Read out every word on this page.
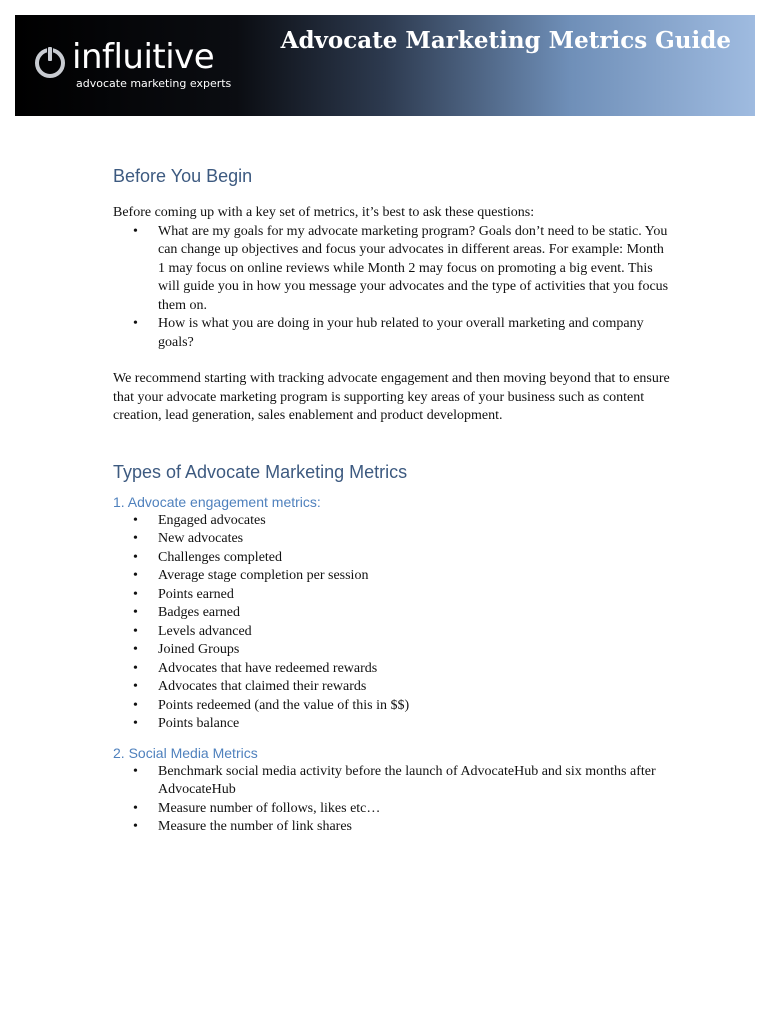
influitive
advocate marketing experts
Advocate Marketing Metrics Guide
Before You Begin

Before coming up with a key set of metrics, it’s best to ask these questions:

• What are my goals for my advocate marketing program? Goals don’t need to be static. You can change up objectives and focus your advocates in different areas. For example: Month 1 may focus on online reviews while Month 2 may focus on promoting a big event. This will guide you in how you message your advocates and the type of activities that you focus them on.
• How is what you are doing in your hub related to your overall marketing and company goals?

We recommend starting with tracking advocate engagement and then moving beyond that to ensure that your advocate marketing program is supporting key areas of your business such as content creation, lead generation, sales enablement and product development.

Types of Advocate Marketing Metrics
1. Advocate engagement metrics:
• Engaged advocates
• New advocates
• Challenges completed
• Average stage completion per session
• Points earned
• Badges earned
• Levels advanced
• Joined Groups
• Advocates that have redeemed rewards
• Advocates that claimed their rewards
• Points redeemed (and the value of this in $$)
• Points balance
2. Social Media Metrics
• Benchmark social media activity before the launch of AdvocateHub and six months after AdvocateHub
• Measure number of follows, likes etc…
• Measure the number of link shares
